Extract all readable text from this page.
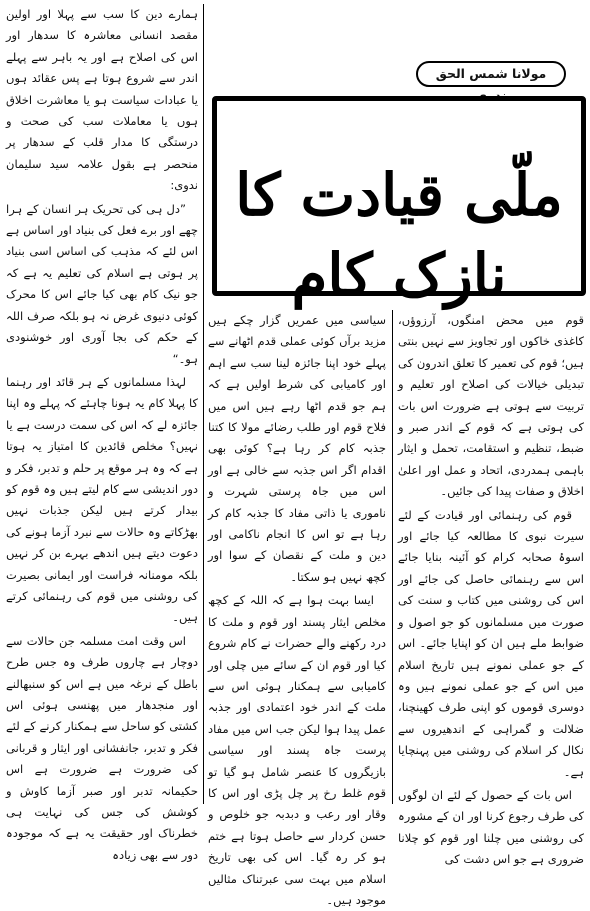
ہمارے دین کا سب سے پہلا اور اولین مقصد انسانی معاشرہ کا سدھار اور اس کی اصلاح ہے اور یہ باہر سے پہلے اندر سے شروع ہوتا ہے پس عقائد ہوں یا عبادات سیاست ہو یا معاشرت اخلاق ہوں یا معاملات سب کی صحت و درستگی کا مدار قلب کے سدھار پر منحصر ہے بقول علامہ سید سلیمان ندوی:

”دل ہی کی تحریک ہر انسان کے ہرا چھے اور برے فعل کی بنیاد اور اساس ہے اس لئے کہ مذہب کی اساس اسی بنیاد پر ہوتی ہے اسلام کی تعلیم یہ ہے کہ جو نیک کام بھی کیا جائے اس کا محرک کوئی دنیوی غرض نہ ہو بلکہ صرف اللہ کے حکم کی بجا آوری اور خوشنودی ہو۔“

لہذا مسلمانوں کے ہر قائد اور رہنما کا پہلا کام یہ ہونا چاہئے کہ پہلے وہ اپنا جائزہ لے کہ اس کی سمت درست ہے یا نہیں؟ مخلص قائدین کا امتیاز یہ ہوتا ہے کہ وہ ہر موقع پر حلم و تدبر، فکر و دور اندیشی سے کام لیتے ہیں وہ قوم کو بیدار کرتے ہیں لیکن جذبات نہیں بھڑکاتے وہ حالات سے نبرد آزما ہونے کی دعوت دیتے ہیں اندھے بہرے بن کر نہیں بلکہ مومنانہ فراست اور ایمانی بصیرت کی روشنی میں قوم کی رہنمائی کرتے ہیں۔

اس وقت امت مسلمہ جن حالات سے دوچار ہے چاروں طرف وہ جس طرح باطل کے نرغہ میں ہے اس کو سنبھالنے اور منجدھار میں پھنسی ہوئی اس کشتی کو ساحل سے ہمکنار کرنے کے لئے فکر و تدبر، جانفشانی اور ایثار و قربانی کی ضرورت ہے ضرورت ہے اس حکیمانہ تدبر اور صبر آزما کاوش و کوشش کی جس کی نہایت ہی خطرناک اور حقیقت یہ ہے کہ موجودہ دور سے بھی زیادہ

مولانا شمس الحق
ملّی قیادت کا نازک کام

سیاسی میں عمریں گزار چکے ہیں مزید برآں کوئی عملی قدم اٹھانے سے پہلے خود اپنا جائزہ لینا سب سے اہم اور کامیابی کی شرط اولیں ہے کہ ہم جو قدم اٹھا رہے ہیں اس میں فلاح قوم اور طلب رضائے مولا کا کتنا جذبہ کام کر رہا ہے؟ کوئی بھی اقدام اگر اس جذبہ سے خالی ہے اور اس میں جاہ پرستی شہرت و ناموری یا ذاتی مفاد کا جذبہ کام کر رہا ہے تو اس کا انجام ناکامی اور دین و ملت کے نقصان کے سوا اور کچھ نہیں ہو سکتا۔

ایسا بہت ہوا ہے کہ اللہ کے کچھ مخلص ایثار پسند اور قوم و ملت کا درد رکھنے والے حضرات نے کام شروع کیا اور قوم ان کے سائے میں چلی اور کامیابی سے ہمکنار ہوئی اس سے ملت کے اندر خود اعتمادی اور جذبہ عمل پیدا ہوا لیکن جب اس میں مفاد پرست جاہ پسند اور سیاسی بازیگروں کا عنصر شامل ہو گیا تو قوم غلط رخ پر چل پڑی اور اس کا وقار اور رعب و دبدبہ جو خلوص و حسن کردار سے حاصل ہوتا ہے ختم ہو کر رہ گیا۔ اس کی بھی تاریخ اسلام میں بہت سی عبرتناک مثالیں موجود ہیں۔

قوم میں محض امنگوں، آرزوؤں، کاغذی خاکوں اور تجاویز سے نہیں بنتی ہیں؛ قوم کی تعمیر کا تعلق اندرون کی تبدیلی خیالات کی اصلاح اور تعلیم و تربیت سے ہوتی ہے ضرورت اس بات کی ہوتی ہے کہ قوم کے اندر صبر و ضبط، تنظیم و استقامت، تحمل و ایثار باہمی ہمدردی، اتحاد و عمل اور اعلیٰ اخلاق و صفات پیدا کی جائیں۔

قوم کی رہنمائی اور قیادت کے لئے سیرت نبوی کا مطالعہ کیا جائے اور اسوۂ صحابہ کرام کو آئینہ بنایا جائے اس سے رہنمائی حاصل کی جائے اور اس کی روشنی میں کتاب و سنت کی صورت میں مسلمانوں کو جو اصول و ضوابط ملے ہیں ان کو اپنایا جائے۔ اس کے جو عملی نمونے ہیں تاریخ اسلام میں اس کے جو عملی نمونے ہیں وہ دوسری قوموں کو اپنی طرف کھینچنا، ضلالت و گمراہی کے اندھیروں سے نکال کر اسلام کی روشنی میں پہنچایا ہے۔

اس بات کے حصول کے لئے ان لوگوں کی طرف رجوع کرنا اور ان کے مشورہ کی روشنی میں چلنا اور قوم کو چلانا ضروری ہے جو اس دشت کی
